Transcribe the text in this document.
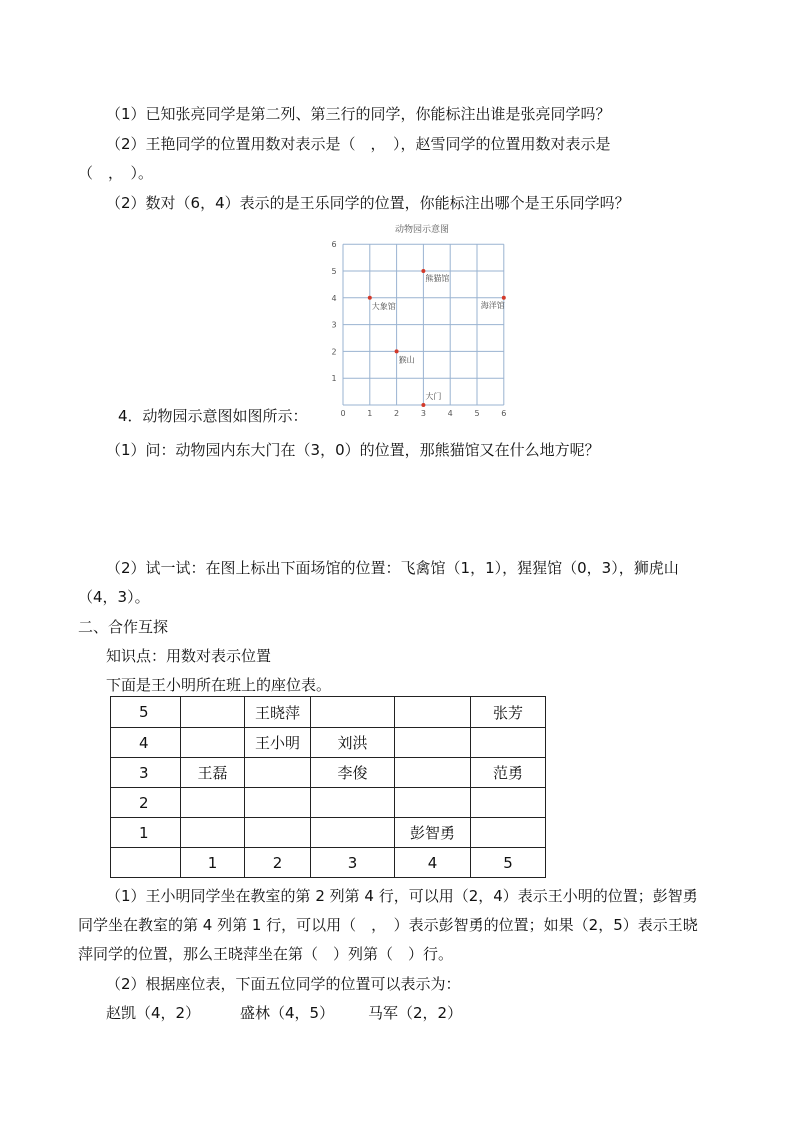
（1）已知张亮同学是第二列、第三行的同学，你能标注出谁是张亮同学吗？
（2）王艳同学的位置用数对表示是（　，　），赵雪同学的位置用数对表示是
（　，　）。
（2）数对（6，4）表示的是王乐同学的位置，你能标注出哪个是王乐同学吗？
动物园示意图
0	1	2	3	4	5	6
1
2
3
4
5
6
熊猫馆
大象馆	海洋馆
猴山
大门
4．动物园示意图如图所示：
（1）问：动物园内东大门在（3，0）的位置，那熊猫馆又在什么地方呢？
（2）试一试：在图上标出下面场馆的位置：飞禽馆（1，1），猩猩馆（0，3），狮虎山
（4，3）。
二、合作互探
知识点：用数对表示位置
下面是王小明所在班上的座位表。
5		王晓萍			张芳
4		王小明	刘洪		
3	王磊		李俊		范勇
2					
1				彭智勇	
	1	2	3	4	5
（1）王小明同学坐在教室的第 2 列第 4 行，可以用（2，4）表示王小明的位置；彭智勇
同学坐在教室的第 4 列第 1 行，可以用（　，　）表示彭智勇的位置；如果（2，5）表示王晓
萍同学的位置，那么王晓萍坐在第（　）列第（　）行。
（2）根据座位表，下面五位同学的位置可以表示为：
赵凯（4，2）	盛林（4，5） 马军（2，2）
